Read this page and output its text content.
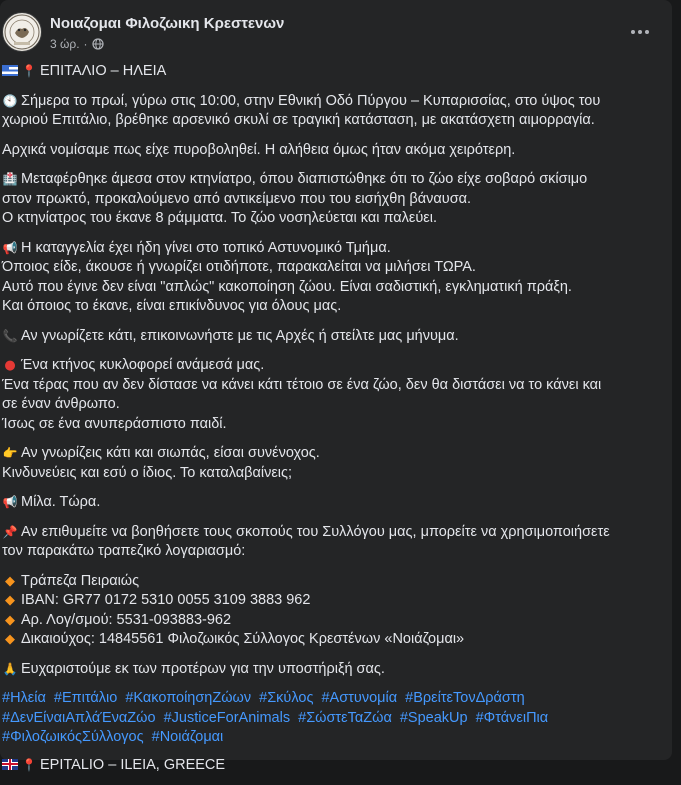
Νοιαζομαι Φιλοζωικη Κρεστενων
3 ώρ. ·
📍 ΕΠΙΤΑΛΙΟ – ΗΛΕΙΑ
🕙 Σήμερα το πρωί, γύρω στις 10:00, στην Εθνική Οδό Πύργου – Κυπαρισσίας, στο ύψος του
χωριού Επιτάλιο, βρέθηκε αρσενικό σκυλί σε τραγική κατάσταση, με ακατάσχετη αιμορραγία.
Αρχικά νομίσαμε πως είχε πυροβοληθεί. Η αλήθεια όμως ήταν ακόμα χειρότερη.
🏥 Μεταφέρθηκε άμεσα στον κτηνίατρο, όπου διαπιστώθηκε ότι το ζώο είχε σοβαρό σκίσιμο
στον πρωκτό, προκαλούμενο από αντικείμενο που του εισήχθη βάναυσα.
Ο κτηνίατρος του έκανε 8 ράμματα. Το ζώο νοσηλεύεται και παλεύει.
📢 Η καταγγελία έχει ήδη γίνει στο τοπικό Αστυνομικό Τμήμα.
Όποιος είδε, άκουσε ή γνωρίζει οτιδήποτε, παρακαλείται να μιλήσει ΤΩΡΑ.
Αυτό που έγινε δεν είναι "απλώς" κακοποίηση ζώου. Είναι σαδιστική, εγκληματική πράξη.
Και όποιος το έκανε, είναι επικίνδυνος για όλους μας.
📞 Αν γνωρίζετε κάτι, επικοινωνήστε με τις Αρχές ή στείλτε μας μήνυμα.
● Ένα κτήνος κυκλοφορεί ανάμεσά μας.
Ένα τέρας που αν δεν δίστασε να κάνει κάτι τέτοιο σε ένα ζώο, δεν θα διστάσει να το κάνει και
σε έναν άνθρωπο.
Ίσως σε ένα ανυπεράσπιστο παιδί.
👉 Αν γνωρίζεις κάτι και σιωπάς, είσαι συνένοχος.
Κινδυνεύεις και εσύ ο ίδιος. Το καταλαβαίνεις;
📢 Μίλα. Τώρα.
📌 Αν επιθυμείτε να βοηθήσετε τους σκοπούς του Συλλόγου μας, μπορείτε να χρησιμοποιήσετε
τον παρακάτω τραπεζικό λογαριασμό:
◆ Τράπεζα Πειραιώς
◆ IBAN: GR77 0172 5310 0055 3109 3883 962
◆ Αρ. Λογ/σμού: 5531-093883-962
◆ Δικαιούχος: 14845561 Φιλοζωικός Σύλλογος Κρεστένων «Νοιάζομαι»
🙏 Ευχαριστούμε εκ των προτέρων για την υποστήριξή σας.
#Ηλεία #Επιτάλιο #ΚακοποίησηΖώων #Σκύλος #Αστυνομία #ΒρείτεΤονΔράστη
#ΔενΕίναιΑπλάΈναΖώο #JusticeForAnimals #ΣώστεΤαΖώα #SpeakUp #ΦτάνειΠια
#ΦιλοζωικόςΣύλλογος #Νοιάζομαι
📍 EPITALIO – ILEIA, GREECE
